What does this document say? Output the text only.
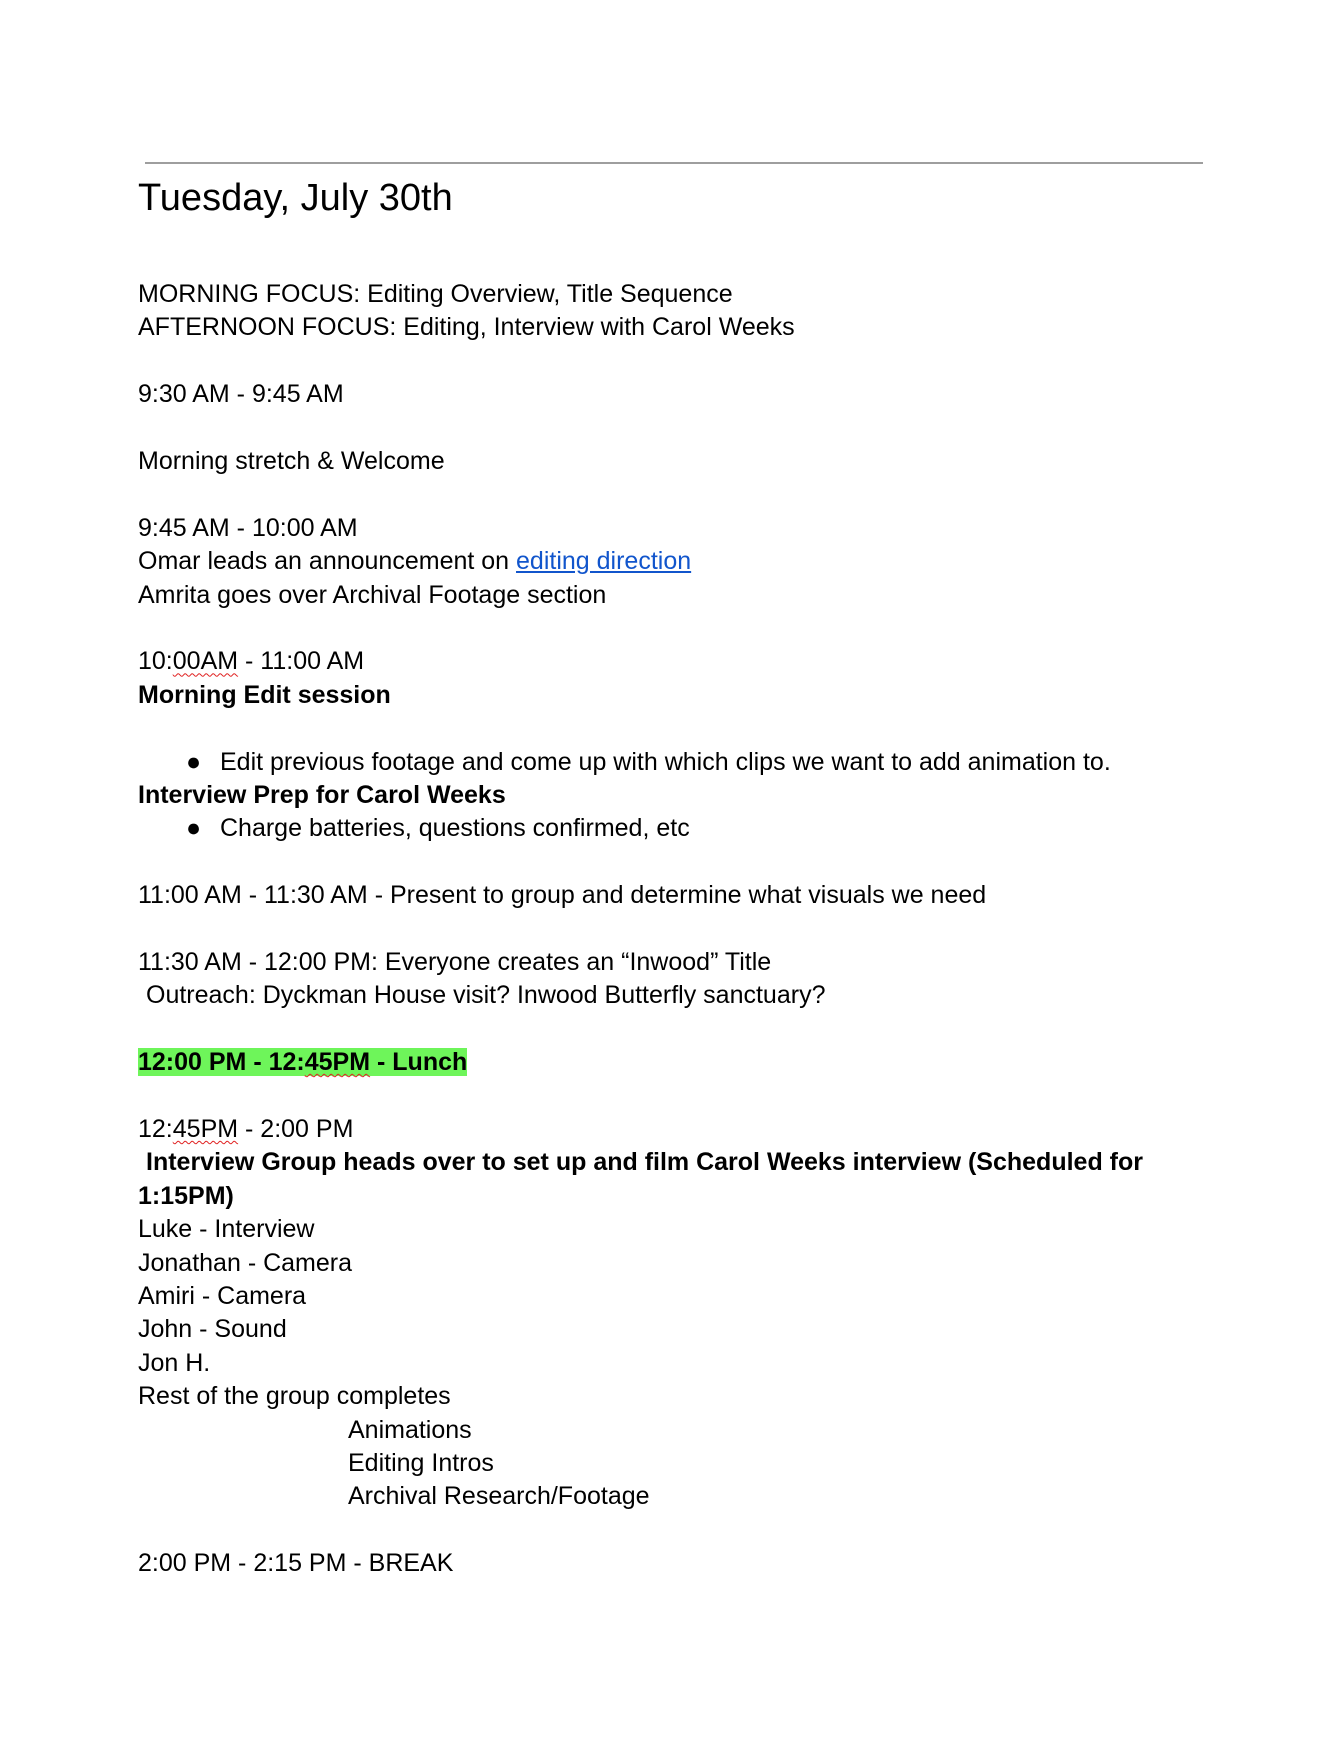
Tuesday, July 30th
MORNING FOCUS: Editing Overview, Title Sequence
AFTERNOON FOCUS: Editing, Interview with Carol Weeks
9:30 AM - 9:45 AM
Morning stretch & Welcome
9:45 AM - 10:00 AM
Omar leads an announcement on editing direction
Amrita goes over Archival Footage section
10:00AM - 11:00 AM
Morning Edit session
● Edit previous footage and come up with which clips we want to add animation to.
Interview Prep for Carol Weeks
● Charge batteries, questions confirmed, etc
11:00 AM - 11:30 AM - Present to group and determine what visuals we need
11:30 AM - 12:00 PM: Everyone creates an “Inwood” Title
Outreach: Dyckman House visit? Inwood Butterfly sanctuary?
12:00 PM - 12:45PM - Lunch
12:45PM - 2:00 PM
Interview Group heads over to set up and film Carol Weeks interview (Scheduled for
1:15PM)
Luke - Interview
Jonathan - Camera
Amiri - Camera
John - Sound
Jon H.
Rest of the group completes
Animations
Editing Intros
Archival Research/Footage
2:00 PM - 2:15 PM - BREAK
